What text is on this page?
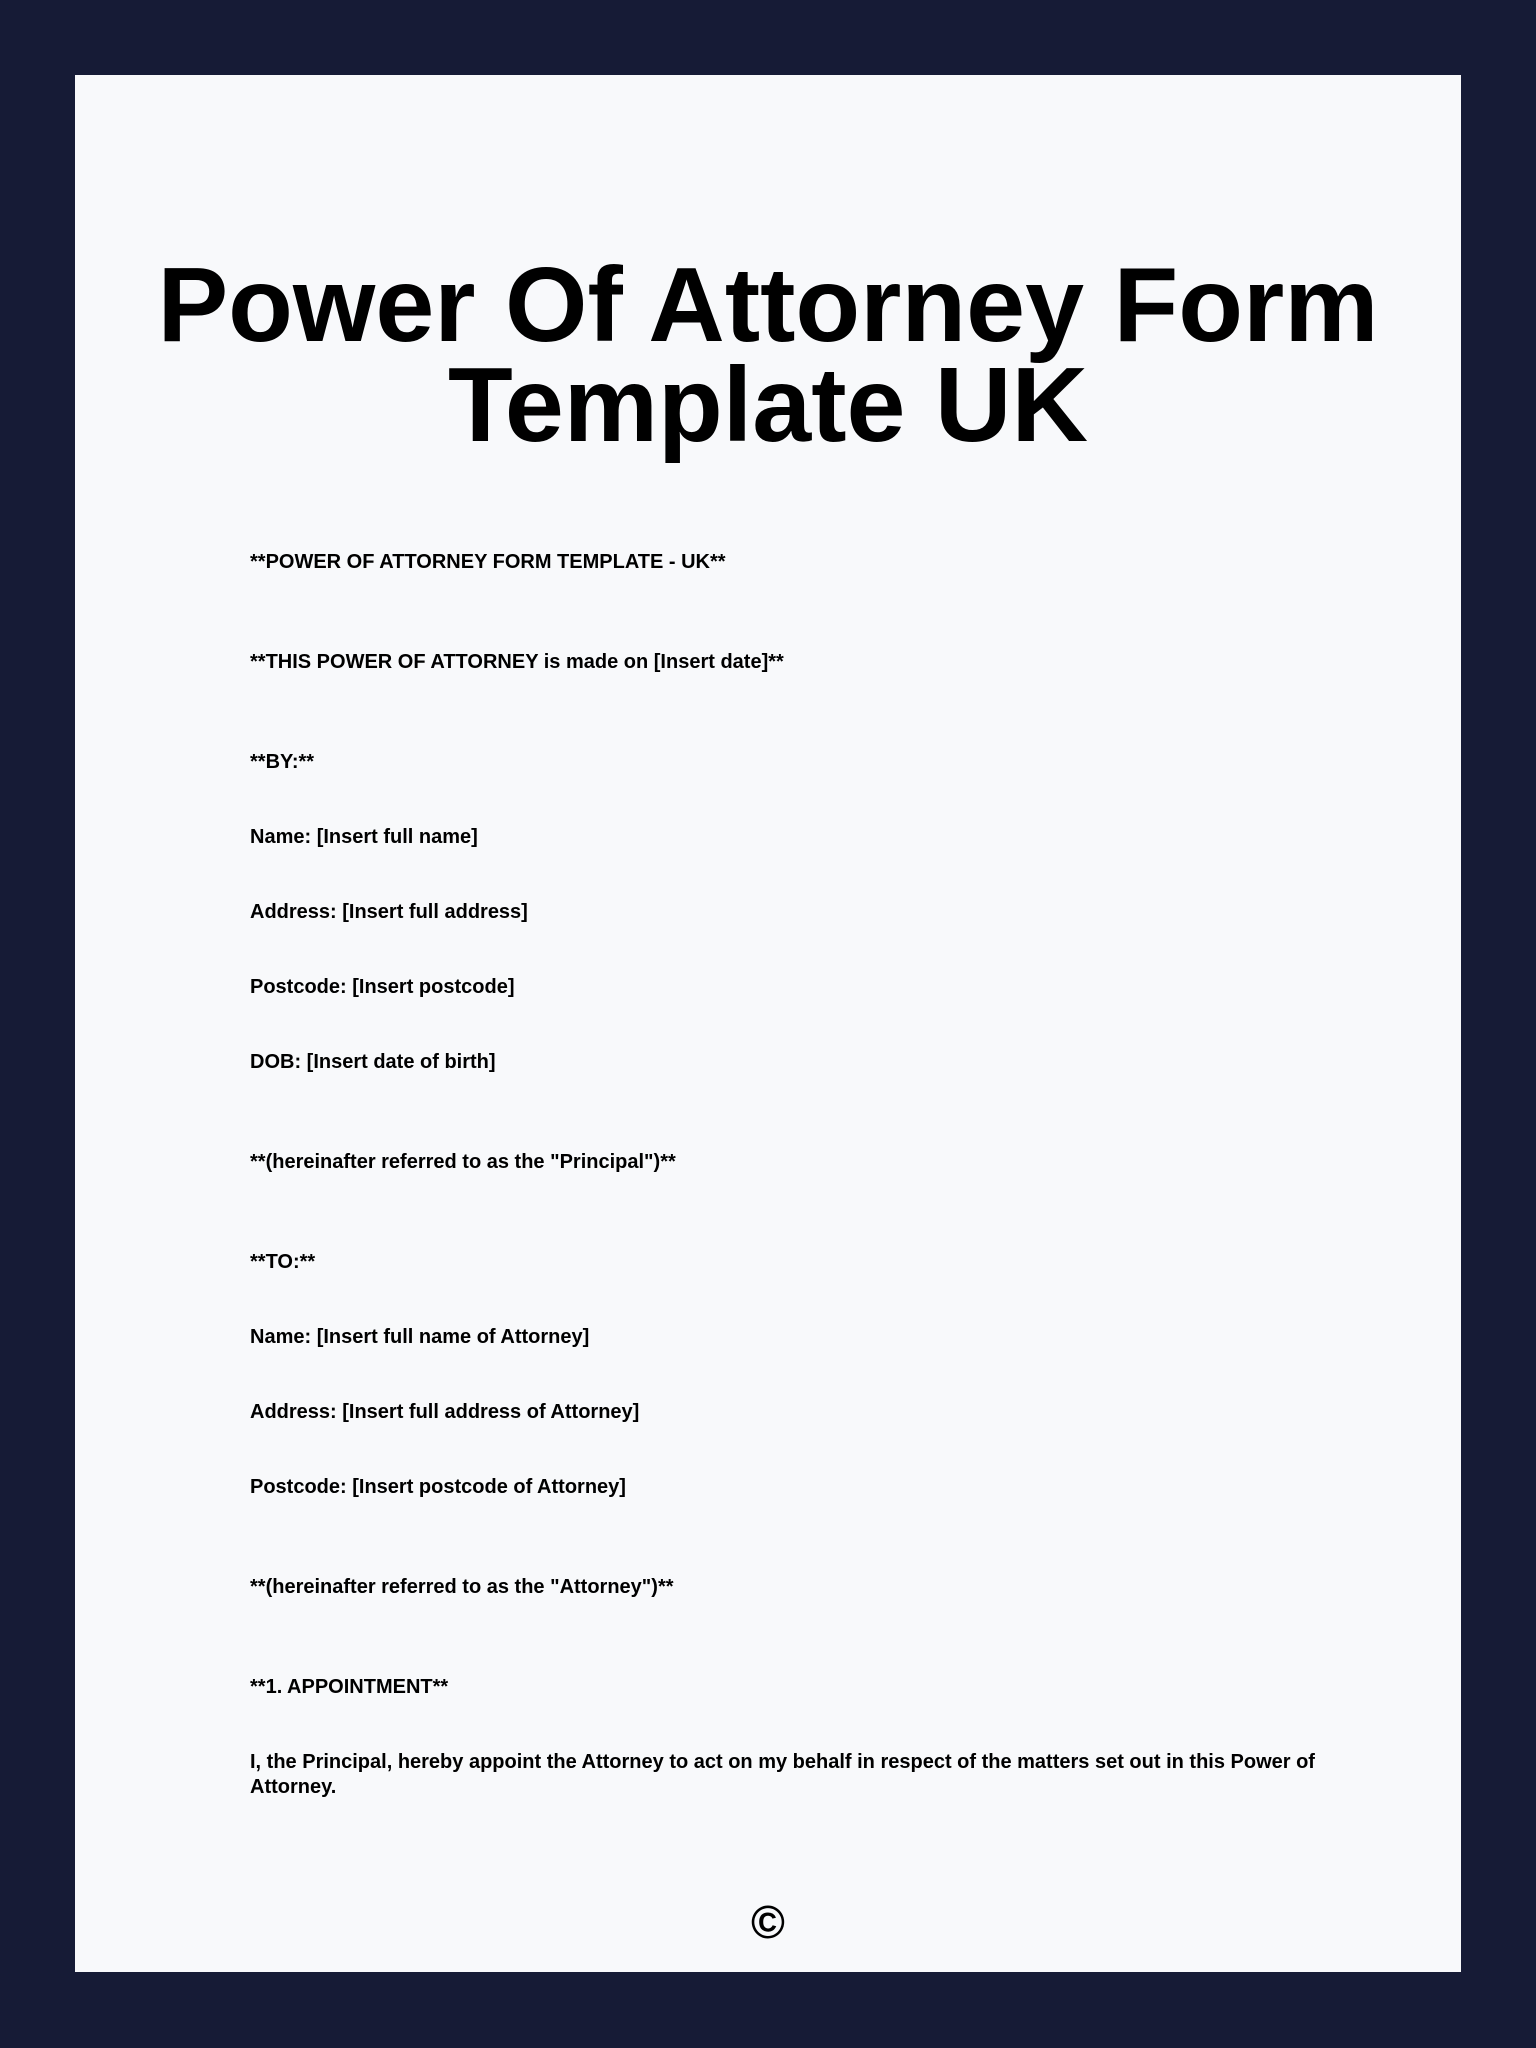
Power Of Attorney Form
Template UK

**POWER OF ATTORNEY FORM TEMPLATE - UK**

**THIS POWER OF ATTORNEY is made on [Insert date]**

**BY:**

Name: [Insert full name]

Address: [Insert full address]

Postcode: [Insert postcode]

DOB: [Insert date of birth]

**(hereinafter referred to as the "Principal")**

**TO:**

Name: [Insert full name of Attorney]

Address: [Insert full address of Attorney]

Postcode: [Insert postcode of Attorney]

**(hereinafter referred to as the "Attorney")**

**1. APPOINTMENT**

I, the Principal, hereby appoint the Attorney to act on my behalf in respect of the matters set out in this Power of Attorney.

©
